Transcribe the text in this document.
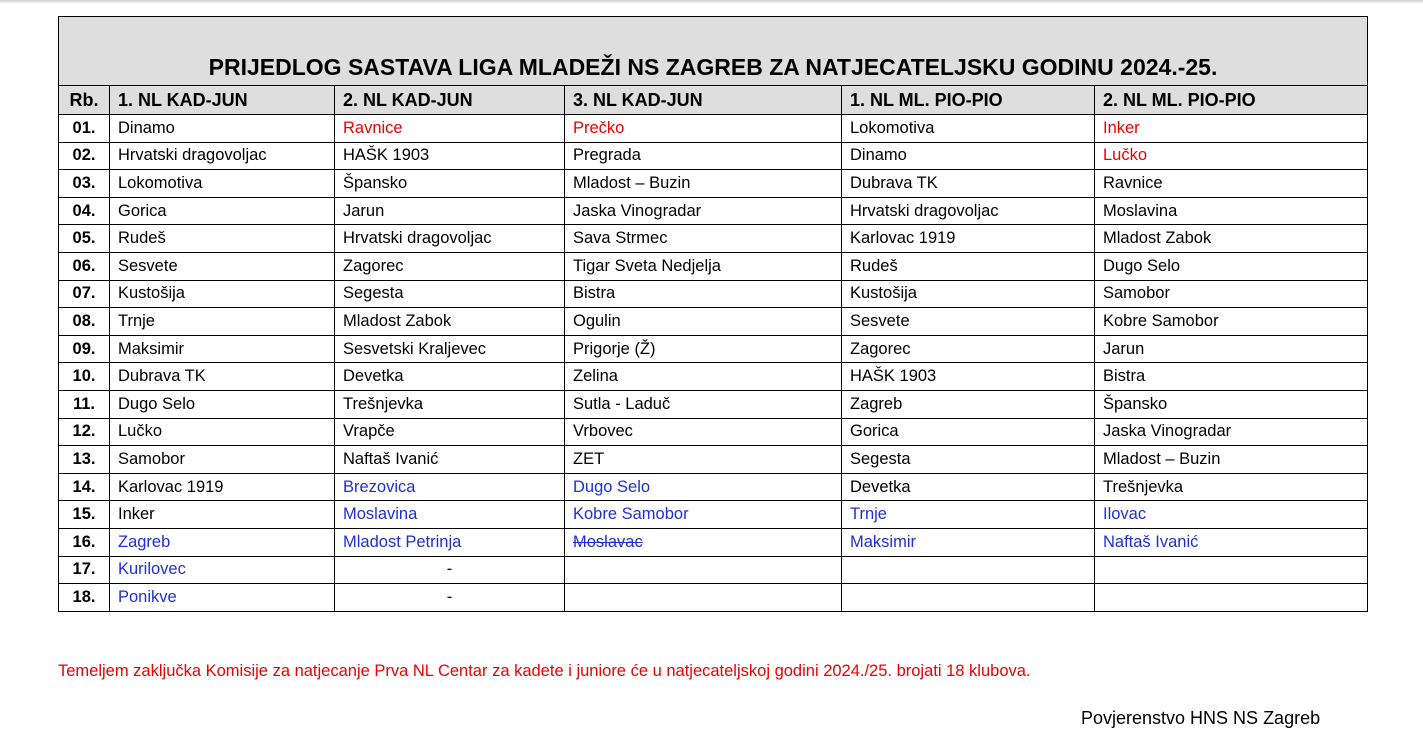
PRIJEDLOG SASTAVA LIGA MLADEŽI NS ZAGREB ZA NATJECATELJSKU GODINU 2024.-25.					
Rb.	1. NL KAD-JUN	2. NL KAD-JUN	3. NL KAD-JUN	1. NL ML. PIO-PIO	2. NL ML. PIO-PIO
01.	Dinamo	Ravnice	Prečko	Lokomotiva	Inker
02.	Hrvatski dragovoljac	HAŠK 1903	Pregrada	Dinamo	Lučko
03.	Lokomotiva	Špansko	Mladost – Buzin	Dubrava TK	Ravnice
04.	Gorica	Jarun	Jaska Vinogradar	Hrvatski dragovoljac	Moslavina
05.	Rudeš	Hrvatski dragovoljac	Sava Strmec	Karlovac 1919	Mladost Zabok
06.	Sesvete	Zagorec	Tigar Sveta Nedjelja	Rudeš	Dugo Selo
07.	Kustošija	Segesta	Bistra	Kustošija	Samobor
08.	Trnje	Mladost Zabok	Ogulin	Sesvete	Kobre Samobor
09.	Maksimir	Sesvetski Kraljevec	Prigorje (Ž)	Zagorec	Jarun
10.	Dubrava TK	Devetka	Zelina	HAŠK 1903	Bistra
11.	Dugo Selo	Trešnjevka	Sutla - Laduč	Zagreb	Špansko
12.	Lučko	Vrapče	Vrbovec	Gorica	Jaska Vinogradar
13.	Samobor	Naftaš Ivanić	ZET	Segesta	Mladost – Buzin
14.	Karlovac 1919	Brezovica	Dugo Selo	Devetka	Trešnjevka
15.	Inker	Moslavina	Kobre Samobor	Trnje	Ilovac
16.	Zagreb	Mladost Petrinja	Moslavac	Maksimir	Naftaš Ivanić
17.	Kurilovec	-			
18.	Ponikve	-			
Temeljem zaključka Komisije za natjecanje Prva NL Centar za kadete i juniore će u natjecateljskoj godini 2024./25. brojati 18 klubova.
Povjerenstvo HNS NS Zagreb
